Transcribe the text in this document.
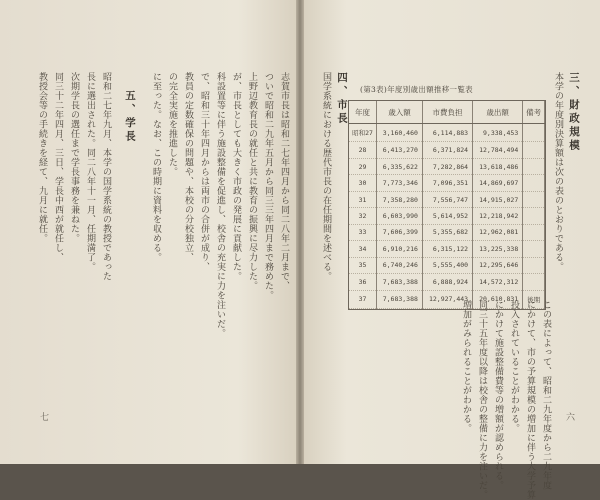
志賀市長は昭和二七年四月から同二八年二月まで、
ついで昭和二九年五月から同三三年四月まで務めた。
上野辺教育長の就任と共に教育の振興に尽力した。
が、市長としても大きく市政の発展に貢献した。
科設置等に伴う施設整備を促進し、校舎の充実に力を注いだ。
で、昭和三十年四月からは両市の合併が成り、
教員の定数確保の問題や、本校の分校独立、
の完全実施を推進した。
に至った。なお、この時期に資料を収める。
五、学長
昭和二七年九月、本学の国学系統の教授であった
長に選出された。同二八年十一月、任期満了。
次期学長の選任まで学長事務を兼ねた。
同三十二年四月、三日、学長中西が就任し、
教授会等の手続きを経て、九月に就任。
七
三、財政規模
本学の年度別決算額は次の表のとおりである。
(第3表)年度別歳出額推移一覧表
年度	歳入額	市費負担	歳出額	備考
昭和27	3,160,460	6,114,883	9,338,453	
28	6,413,270	6,371,824	12,784,494	
29	6,335,622	7,282,864	13,618,486	
30	7,773,346	7,096,351	14,869,697	
31	7,358,280	7,556,747	14,915,027	
32	6,603,990	5,614,952	12,218,942	
33	7,606,399	5,355,682	12,962,081	
34	6,910,216	6,315,122	13,225,338	
35	6,740,246	5,555,400	12,295,646	
36	7,683,388	6,888,924	14,572,312	
37	7,683,388	12,927,443	20,610,831	後期
四、市長
国学系統における歴代市長の在任期間を述べる。
この表によって、昭和二九年度から二九年度
にかけて、市の予算規模の増加に伴う大学予算
投入されていることがわかる。
にかけて施設整備費等の増額が認められる。
同三十五年度以降は校舎の整備に力を注いだ。
増加がみられることがわかる。	六
